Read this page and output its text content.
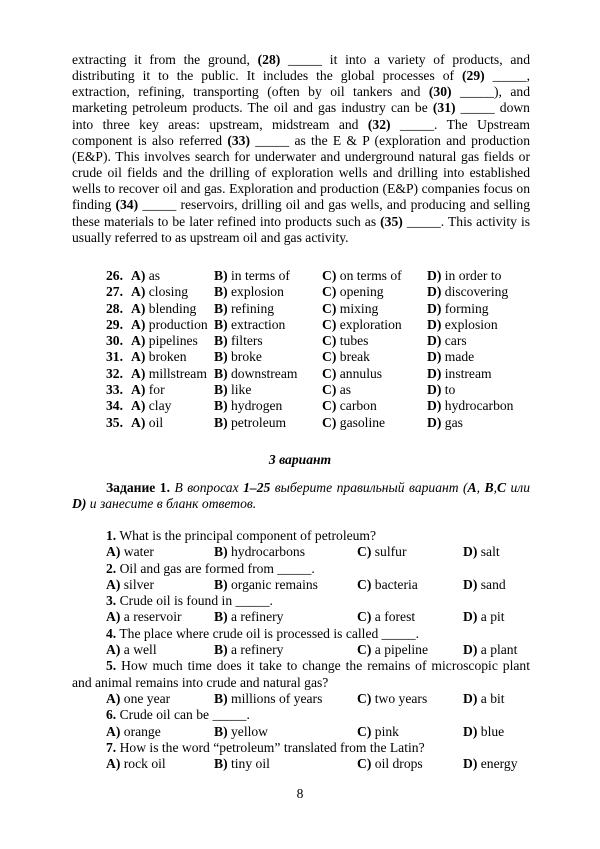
extracting it from the ground, (28) _____ it into a variety of products, and distributing it to the public. It includes the global processes of (29) _____, extraction, refining, transporting (often by oil tankers and (30) _____), and marketing petroleum products. The oil and gas industry can be (31) _____ down into three key areas: upstream, midstream and (32) _____. The Upstream component is also referred (33) _____ as the E & P (exploration and production (E&P). This involves search for underwater and underground natural gas fields or crude oil fields and the drilling of exploration wells and drilling into established wells to recover oil and gas. Exploration and production (E&P) companies focus on finding (34) _____ reservoirs, drilling oil and gas wells, and producing and selling these materials to be later refined into products such as (35) _____. This activity is usually referred to as upstream oil and gas activity.

26. A) as	B) in terms of C) on terms of D) in order to
27. A) closing B) explosion	C) opening	D) discovering
28. A) blending B) refining	C) mixing	D) forming
29. A) production B) extraction	C) exploration D) explosion
30. A) pipelines B) filters	C) tubes	D) cars
31. A) broken B) broke	C) break	D) made
32. A) millstream B) downstream C) annulus	D) instream
33. A) for	B) like	C) as	D) to
34. A) clay	B) hydrogen	C) carbon	D) hydrocarbon
35. A) oil	B) petroleum	C) gasoline	D) gas
3 вариант
Задание 1. В вопросах 1–25 выберите правильный вариант (A, B,C или D) и занесите в бланк ответов.
1. What is the principal component of petroleum?
A) water	B) hydrocarbons	C) sulfur	D) salt
2. Oil and gas are formed from _____.
A) silver	B) organic remains	C) bacteria	D) sand
3. Crude oil is found in _____.
A) a reservoir B) a refinery	C) a forest	D) a pit
4. The place where crude oil is processed is called _____.
A) a well	B) a refinery	C) a pipeline	D) a plant
5. How much time does it take to change the remains of microscopic plant and animal remains into crude and natural gas?
A) one year	B) millions of years	C) two years	D) a bit
6. Crude oil can be _____.
A) orange	B) yellow	C) pink	D) blue
7. How is the word “petroleum” translated from the Latin?
A) rock oil	B) tiny oil	C) oil drops	D) energy
8
